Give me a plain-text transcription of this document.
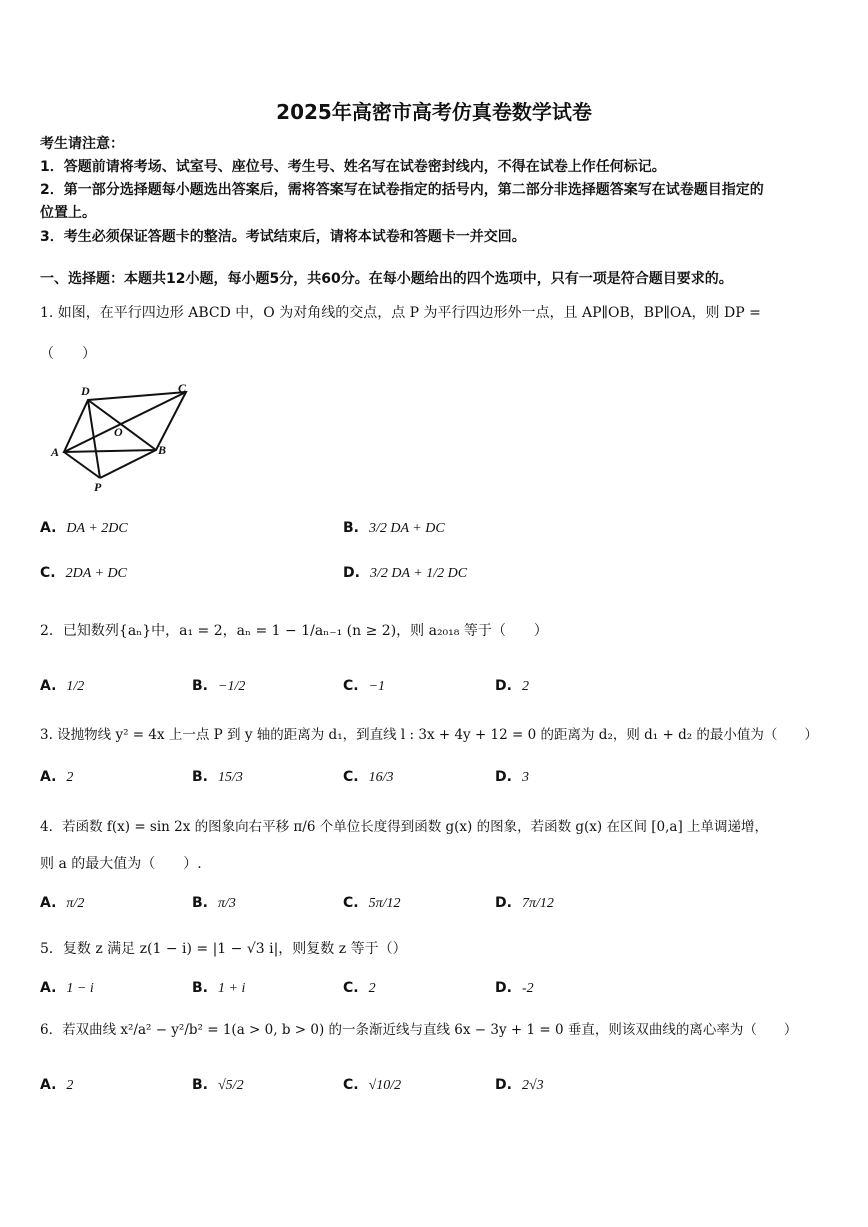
2025年高密市高考仿真卷数学试卷
考生请注意：
1．答题前请将考场、试室号、座位号、考生号、姓名写在试卷密封线内，不得在试卷上作任何标记。
2．第一部分选择题每小题选出答案后，需将答案写在试卷指定的括号内，第二部分非选择题答案写在试卷题目指定的
位置上。
3．考生必须保证答题卡的整洁。考试结束后，请将本试卷和答题卡一并交回。
一、选择题：本题共12小题，每小题5分，共60分。在每小题给出的四个选项中，只有一项是符合题目要求的。
1. 如图，在平行四边形 ABCD 中，O 为对角线的交点，点 P 为平行四边形外一点，且 AP∥OB，BP∥OA，则 DP =
（　　）
D	C
O
A	B
P
A. DA + 2DC	B. 3/2 DA + DC
C. 2DA + DC	D. 3/2 DA + 1/2 DC
2．已知数列{aₙ}中，a₁ = 2，aₙ = 1 − 1/aₙ₋₁ (n ≥ 2)，则 a₂₀₁₈ 等于（　　）
A. 1/2	B. −1/2	C. −1	D. 2
3. 设抛物线 y² = 4x 上一点 P 到 y 轴的距离为 d₁，到直线 l : 3x + 4y + 12 = 0 的距离为 d₂，则 d₁ + d₂ 的最小值为（　　）
A. 2	B. 15/3	C. 16/3	D. 3
4．若函数 f(x) = sin 2x 的图象向右平移 π/6 个单位长度得到函数 g(x) 的图象，若函数 g(x) 在区间 [0,a] 上单调递增，
则 a 的最大值为（　　）.
A. π/2	B. π/3	C. 5π/12	D. 7π/12
5．复数 z 满足 z(1 − i) = |1 − √3 i|，则复数 z 等于（）
A. 1 − i	B. 1 + i	C. 2	D. -2
6．若双曲线 x²/a² − y²/b² = 1(a > 0, b > 0) 的一条渐近线与直线 6x − 3y + 1 = 0 垂直，则该双曲线的离心率为（　　）
A. 2	B. √5/2	C. √10/2	D. 2√3
